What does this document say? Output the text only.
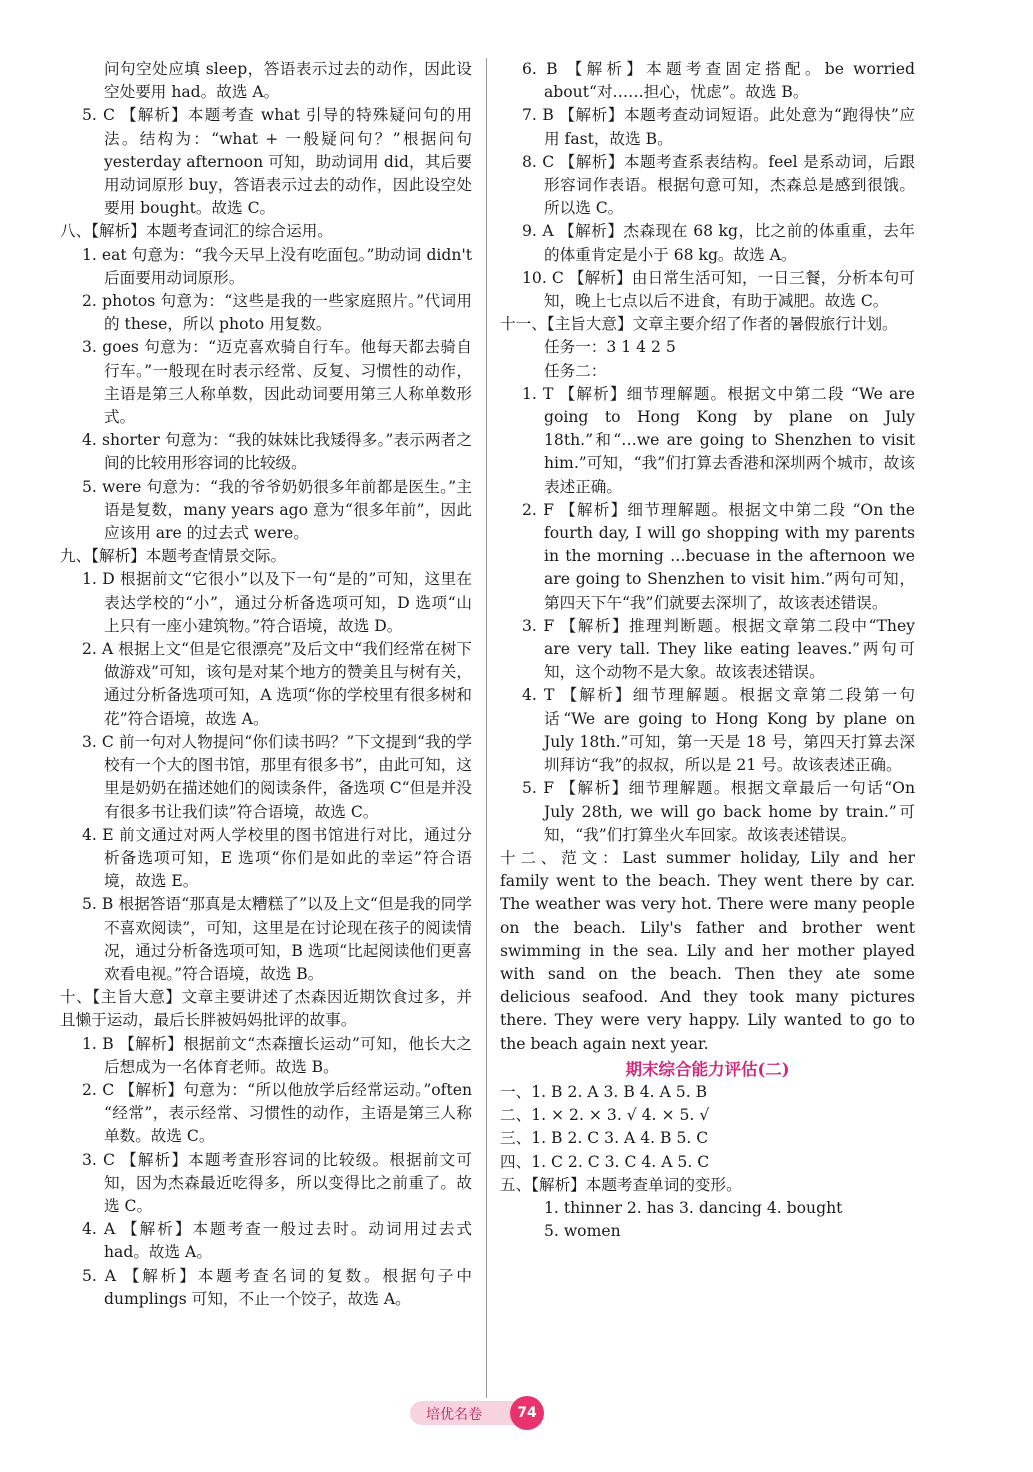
问句空处应填 sleep，答语表示过去的动作，因此设空处要用 had。故选 A。

5. C 【解析】本题考查 what 引导的特殊疑问句的用法。结构为：“what + 一般疑问句？”根据问句 yesterday afternoon 可知，助动词用 did，其后要用动词原形 buy，答语表示过去的动作，因此设空处要用 bought。故选 C。

八、【解析】本题考查词汇的综合运用。

1. eat 句意为：“我今天早上没有吃面包。”助动词 didn't 后面要用动词原形。

2. photos 句意为：“这些是我的一些家庭照片。”代词用的 these，所以 photo 用复数。

3. goes 句意为：“迈克喜欢骑自行车。他每天都去骑自行车。”一般现在时表示经常、反复、习惯性的动作，主语是第三人称单数，因此动词要用第三人称单数形式。

4. shorter 句意为：“我的妹妹比我矮得多。”表示两者之间的比较用形容词的比较级。

5. were 句意为：“我的爷爷奶奶很多年前都是医生。”主语是复数，many years ago 意为“很多年前”，因此应该用 are 的过去式 were。

九、【解析】本题考查情景交际。

1. D 根据前文“它很小”以及下一句“是的”可知，这里在表达学校的“小”，通过分析备选项可知，D 选项“山上只有一座小建筑物。”符合语境，故选 D。

2. A 根据上文“但是它很漂亮”及后文中“我们经常在树下做游戏”可知，该句是对某个地方的赞美且与树有关，通过分析备选项可知，A 选项“你的学校里有很多树和花”符合语境，故选 A。

3. C 前一句对人物提问“你们读书吗？”下文提到“我的学校有一个大的图书馆，那里有很多书”，由此可知，这里是奶奶在描述她们的阅读条件，备选项 C“但是并没有很多书让我们读”符合语境，故选 C。

4. E 前文通过对两人学校里的图书馆进行对比，通过分析备选项可知，E 选项“你们是如此的幸运”符合语境，故选 E。

5. B 根据答语“那真是太糟糕了”以及上文“但是我的同学不喜欢阅读”，可知，这里是在讨论现在孩子的阅读情况，通过分析备选项可知，B 选项“比起阅读他们更喜欢看电视。”符合语境，故选 B。

十、【主旨大意】文章主要讲述了杰森因近期饮食过多，并且懒于运动，最后长胖被妈妈批评的故事。

1. B 【解析】根据前文“杰森擅长运动”可知，他长大之后想成为一名体育老师。故选 B。

2. C 【解析】句意为：“所以他放学后经常运动。”often “经常”，表示经常、习惯性的动作，主语是第三人称单数。故选 C。

3. C 【解析】本题考查形容词的比较级。根据前文可知，因为杰森最近吃得多，所以变得比之前重了。故选 C。

4. A 【解析】本题考查一般过去时。动词用过去式 had。故选 A。

5. A 【解析】本题考查名词的复数。根据句子中 dumplings 可知，不止一个饺子，故选 A。

6. B 【解析】本题考查固定搭配。be worried about“对……担心，忧虑”。故选 B。

7. B 【解析】本题考查动词短语。此处意为“跑得快”应用 fast，故选 B。

8. C 【解析】本题考查系表结构。feel 是系动词，后跟形容词作表语。根据句意可知，杰森总是感到很饿。所以选 C。

9. A 【解析】杰森现在 68 kg，比之前的体重重，去年的体重肯定是小于 68 kg。故选 A。

10. C 【解析】由日常生活可知，一日三餐，分析本句可知，晚上七点以后不进食，有助于减肥。故选 C。

十一、【主旨大意】文章主要介绍了作者的暑假旅行计划。

任务一：3 1 4 2 5

任务二：

1. T 【解析】细节理解题。根据文中第二段 “We are going to Hong Kong by plane on July 18th.”和“…we are going to Shenzhen to visit him.”可知，“我”们打算去香港和深圳两个城市，故该表述正确。

2. F 【解析】细节理解题。根据文中第二段 “On the fourth day, I will go shopping with my parents in the morning …becuase in the afternoon we are going to Shenzhen to visit him.”两句可知，第四天下午“我”们就要去深圳了，故该表述错误。

3. F 【解析】推理判断题。根据文章第二段中“They are very tall. They like eating leaves.”两句可知，这个动物不是大象。故该表述错误。

4. T 【解析】细节理解题。根据文章第二段第一句话“We are going to Hong Kong by plane on July 18th.”可知，第一天是 18 号，第四天打算去深圳拜访“我”的叔叔，所以是 21 号。故该表述正确。

5. F 【解析】细节理解题。根据文章最后一句话“On July 28th, we will go back home by train.”可知，“我”们打算坐火车回家。故该表述错误。

十二、范文：Last summer holiday, Lily and her family went to the beach. They went there by car. The weather was very hot. There were many people on the beach. Lily's father and brother went swimming in the sea. Lily and her mother played with sand on the beach. Then they ate some delicious seafood. And they took many pictures there. They were very happy. Lily wanted to go to the beach again next year.

期末综合能力评估(二)

一、1. B 2. A 3. B 4. A 5. B

二、1. × 2. × 3. √ 4. × 5. √

三、1. B 2. C 3. A 4. B 5. C

四、1. C 2. C 3. C 4. A 5. C

五、【解析】本题考查单词的变形。

1. thinner 2. has 3. dancing 4. bought

5. women

培优名卷	74
